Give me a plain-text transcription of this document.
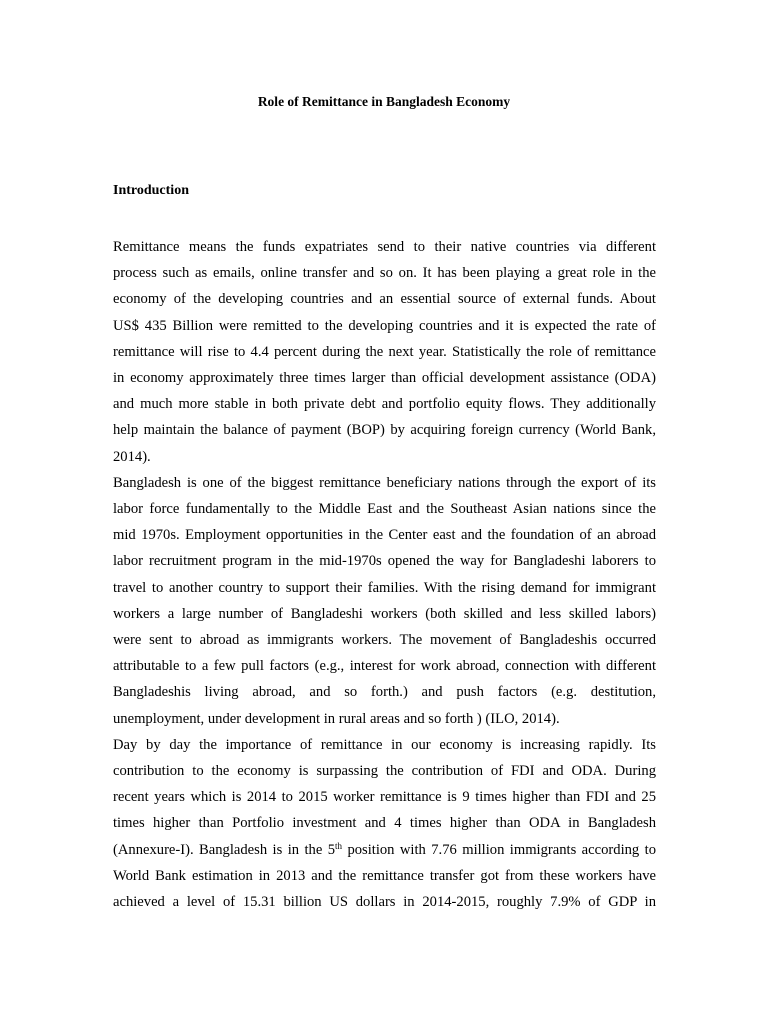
Role of Remittance in Bangladesh Economy
Introduction

Remittance means the funds expatriates send to their native countries via different
process such as emails, online transfer and so on. It has been playing a great role in the
economy of the developing countries and an essential source of external funds. About
US$ 435 Billion were remitted to the developing countries and it is expected the rate of
remittance will rise to 4.4 percent during the next year. Statistically the role of remittance
in economy approximately three times larger than official development assistance (ODA)
and much more stable in both private debt and portfolio equity flows. They additionally
help maintain the balance of payment (BOP) by acquiring foreign currency (World Bank,
2014).

Bangladesh is one of the biggest remittance beneficiary nations through the export of its
labor force fundamentally to the Middle East and the Southeast Asian nations since the
mid 1970s. Employment opportunities in the Center east and the foundation of an abroad
labor recruitment program in the mid-1970s opened the way for Bangladeshi laborers to
travel to another country to support their families. With the rising demand for immigrant
workers a large number of Bangladeshi workers (both skilled and less skilled labors)
were sent to abroad as immigrants workers. The movement of Bangladeshis occurred
attributable to a few pull factors (e.g., interest for work abroad, connection with different
Bangladeshis living abroad, and so forth.) and push factors (e.g. destitution,
unemployment, under development in rural areas and so forth ) (ILO, 2014).

Day by day the importance of remittance in our economy is increasing rapidly. Its
contribution to the economy is surpassing the contribution of FDI and ODA. During
recent years which is 2014 to 2015 worker remittance is 9 times higher than FDI and 25
times higher than Portfolio investment and 4 times higher than ODA in Bangladesh
(Annexure-I). Bangladesh is in the 5th position with 7.76 million immigrants according to
World Bank estimation in 2013 and the remittance transfer got from these workers have
achieved a level of 15.31 billion US dollars in 2014-2015, roughly 7.9% of GDP in
